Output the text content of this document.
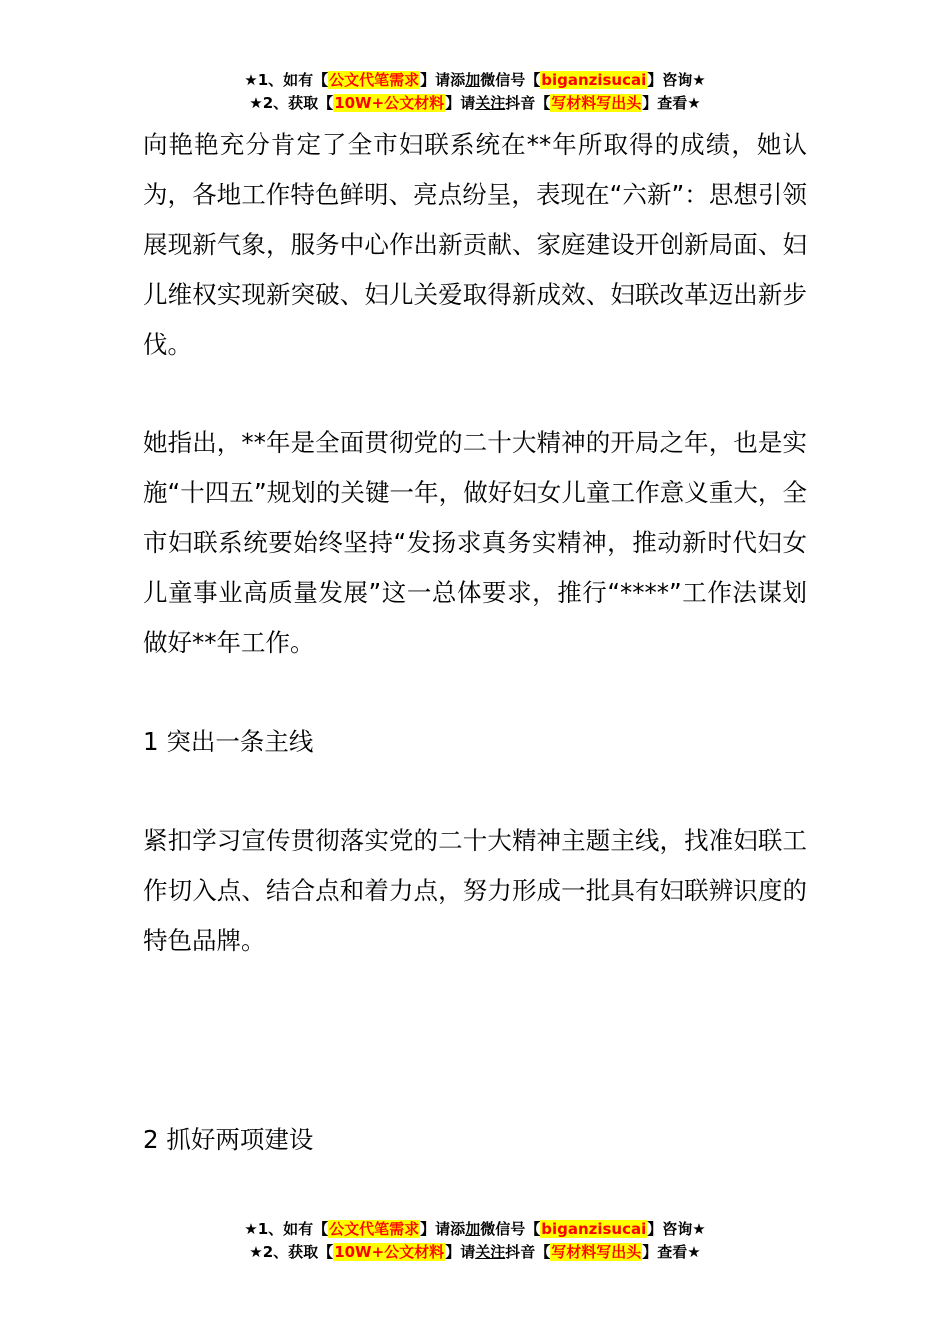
★1、如有【公文代笔需求】请添加微信号【biganzisucai】咨询★
★2、获取【10W+公文材料】请关注抖音【写材料写出头】查看★

向艳艳充分肯定了全市妇联系统在**年所取得的成绩，她认为，各地工作特色鲜明、亮点纷呈，表现在“六新”：思想引领展现新气象，服务中心作出新贡献、家庭建设开创新局面、妇儿维权实现新突破、妇儿关爱取得新成效、妇联改革迈出新步伐。

她指出，**年是全面贯彻党的二十大精神的开局之年，也是实施“十四五”规划的关键一年，做好妇女儿童工作意义重大，全市妇联系统要始终坚持“发扬求真务实精神，推动新时代妇女儿童事业高质量发展”这一总体要求，推行“****”工作法谋划做好**年工作。

1 突出一条主线

紧扣学习宣传贯彻落实党的二十大精神主题主线，找准妇联工作切入点、结合点和着力点，努力形成一批具有妇联辨识度的特色品牌。

2 抓好两项建设

★1、如有【公文代笔需求】请添加微信号【biganzisucai】咨询★
★2、获取【10W+公文材料】请关注抖音【写材料写出头】查看★
